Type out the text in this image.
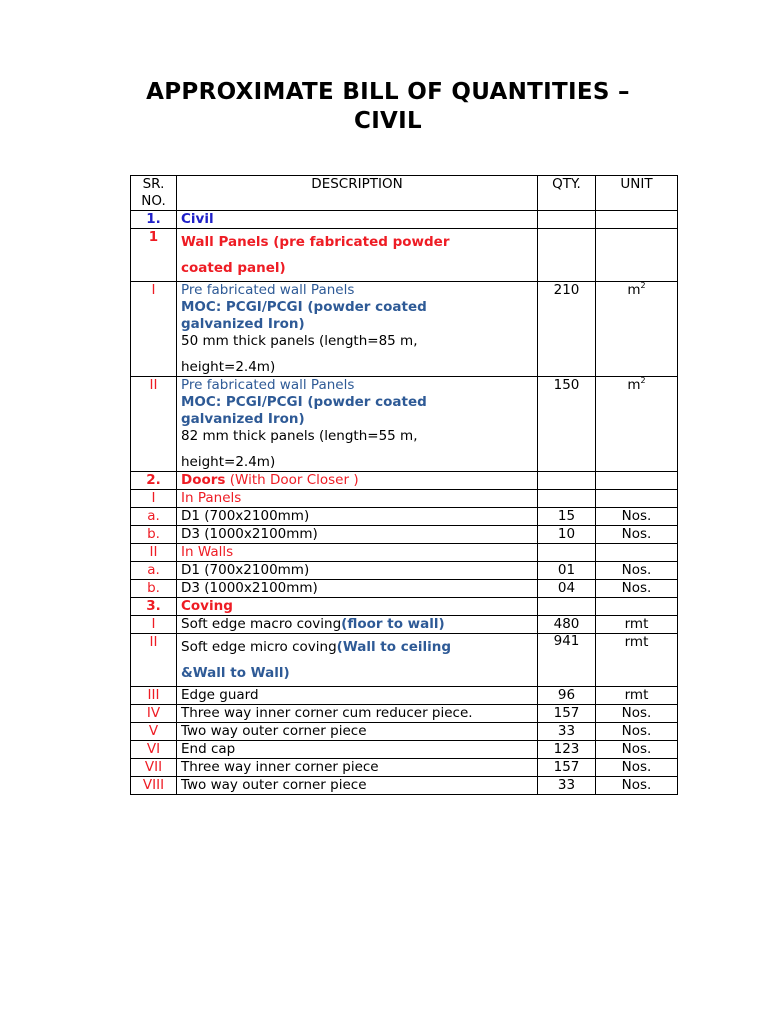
APPROXIMATE BILL OF QUANTITIES –
CIVIL
SR.
NO.	DESCRIPTION	QTY.	UNIT
1.	Civil		
1	Wall Panels (pre fabricated powder
coated panel)		
I	Pre fabricated wall Panels
MOC: PCGI/PCGI (powder coated
galvanized Iron)
50 mm thick panels (length=85 m,
height=2.4m)	210	$m^2$
II	Pre fabricated wall Panels
MOC: PCGI/PCGI (powder coated
galvanized Iron)
82 mm thick panels (length=55 m,
height=2.4m)	150	$m^2$
2.	Doors (With Door Closer )		
I	In Panels		
a.	D1 (700x2100mm)	15	Nos.
b.	D3 (1000x2100mm)	10	Nos.
II	In Walls		
a.	D1 (700x2100mm)	01	Nos.
b.	D3 (1000x2100mm)	04	Nos.
3.	Coving		
I	Soft edge macro coving(floor to wall)	480	rmt
II	Soft edge micro coving(Wall to ceiling
&Wall to Wall)	941	rmt
III	Edge guard	96	rmt
IV	Three way inner corner cum reducer piece.	157	Nos.
V	Two way outer corner piece	33	Nos.
VI	End cap	123	Nos.
VII	Three way inner corner piece	157	Nos.
VIII	Two way outer corner piece	33	Nos.
